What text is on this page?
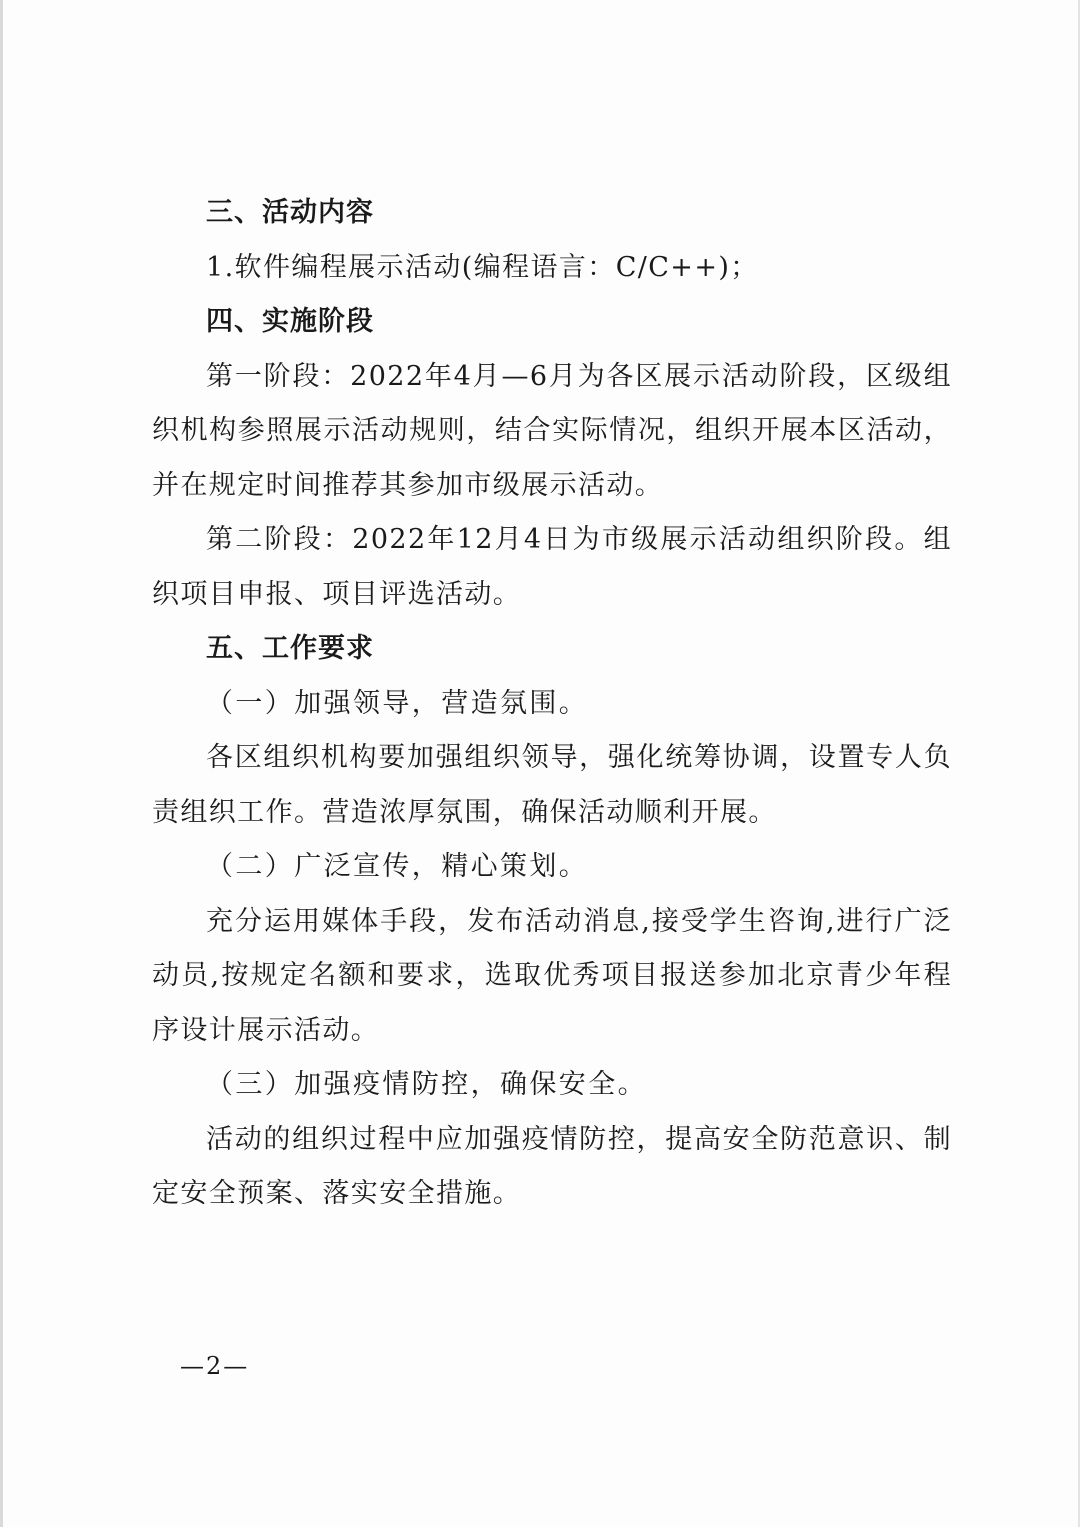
三、活动内容

1.软件编程展示活动(编程语言：C/C++)；

四、实施阶段

第一阶段：2022年4月—6月为各区展示活动阶段，区级组织机构参照展示活动规则，结合实际情况，组织开展本区活动，并在规定时间推荐其参加市级展示活动。

第二阶段：2022年12月4日为市级展示活动组织阶段。组织项目申报、项目评选活动。

五、工作要求

（一）加强领导，营造氛围。

各区组织机构要加强组织领导，强化统筹协调，设置专人负责组织工作。营造浓厚氛围，确保活动顺利开展。

（二）广泛宣传，精心策划。

充分运用媒体手段，发布活动消息,接受学生咨询,进行广泛动员,按规定名额和要求，选取优秀项目报送参加北京青少年程序设计展示活动。

（三）加强疫情防控，确保安全。

活动的组织过程中应加强疫情防控，提高安全防范意识、制定安全预案、落实安全措施。

—2—
